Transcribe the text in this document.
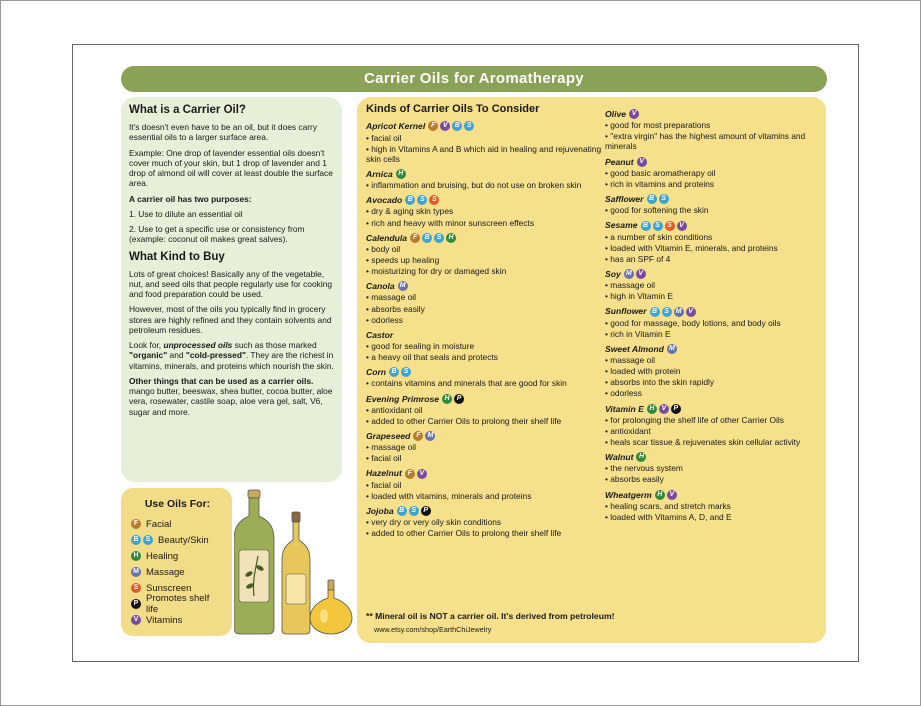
Carrier Oils for Aromatherapy
What is a Carrier Oil?

It's doesn't even have to be an oil, but it does carry essential oils to a larger surface area.

Example: One drop of lavender essential oils doesn't cover much of your skin, but 1 drop of lavender and 1 drop of almond oil will cover at least double the surface area.

A carrier oil has two purposes:

1. Use to dilute an essential oil

2. Use to get a specific use or consistency from (example: coconut oil makes great salves).

What Kind to Buy

Lots of great choices! Basically any of the vegetable, nut, and seed oils that people regularly use for cooking and food preparation could be used.

However, most of the oils you typically find in grocery stores are highly refined and they contain solvents and petroleum residues.

Look for, unprocessed oils such as those marked "organic" and "cold-pressed". They are the richest in vitamins, minerals, and proteins which nourish the skin.

Other things that can be used as a carrier oils. mango butter, beeswax, shea butter, cocoa butter, aloe vera, rosewater, castile soap, aloe vera gel, salt, V6, sugar and more.

Use Oils For:
F Facial
B	S Beauty/Skin
H Healing
M Massage
S Sunscreen
P Promotes shelf life
V Vitamins
Kinds of Carrier Oils To Consider
Apricot Kernel F	V	B	S
• facial oil
• high in Vitamins A and B which aid in healing and rejuvenating skin cells
Arnica H
• inflammation and bruising, but do not use on broken skin
Avocado B	S	S
• dry & aging skin types
• rich and heavy with minor sunscreen effects
Calendula F	B	S	H
• body oil
• speeds up healing
• moisturizing for dry or damaged skin
Canola M
• massage oil
• absorbs easily
• odorless
Castor
• good for sealing in moisture
• a heavy oil that seals and protects
Corn B	S
• contains vitamins and minerals that are good for skin
Evening Primrose H	P
• antioxidant oil
• added to other Carrier Oils to prolong their shelf life
Grapeseed F M
• massage oil
• facial oil
Hazelnut F	V
• facial oil
• loaded with vitamins, minerals and proteins
Jojoba B	S	P
• very dry or very oily skin conditions
• added to other Carrier Oils to prolong their shelf life
Olive V
• good for most preparations
• "extra virgin" has the highest amount of vitamins and minerals
Peanut V
• good basic aromatherapy oil
• rich in vitamins and proteins
Safflower B	S
• good for softening the skin
Sesame B	S	S	V
• a number of skin conditions
• loaded with Vitamin E, minerals, and proteins
• has an SPF of 4
Soy M V
• massage oil
• high in Vitamin E
Sunflower B	S M V
• good for massage, body lotions, and body oils
• rich in Vitamin E
Sweet Almond M
• massage oil
• loaded with protein
• absorbs into the skin rapidly
• odorless
Vitamin E H	V	P
• for prolonging the shelf life of other Carrier Oils
• antioxidant
• heals scar tissue & rejuvenates skin cellular activity
Walnut H
• the nervous system
• absorbs easily
Wheatgerm H	V
• healing scars, and stretch marks
• loaded with Vitamins A, D, and E
** Mineral oil is NOT a carrier oil. It's derived from petroleum!
www.etsy.com/shop/EarthChiJewelry
